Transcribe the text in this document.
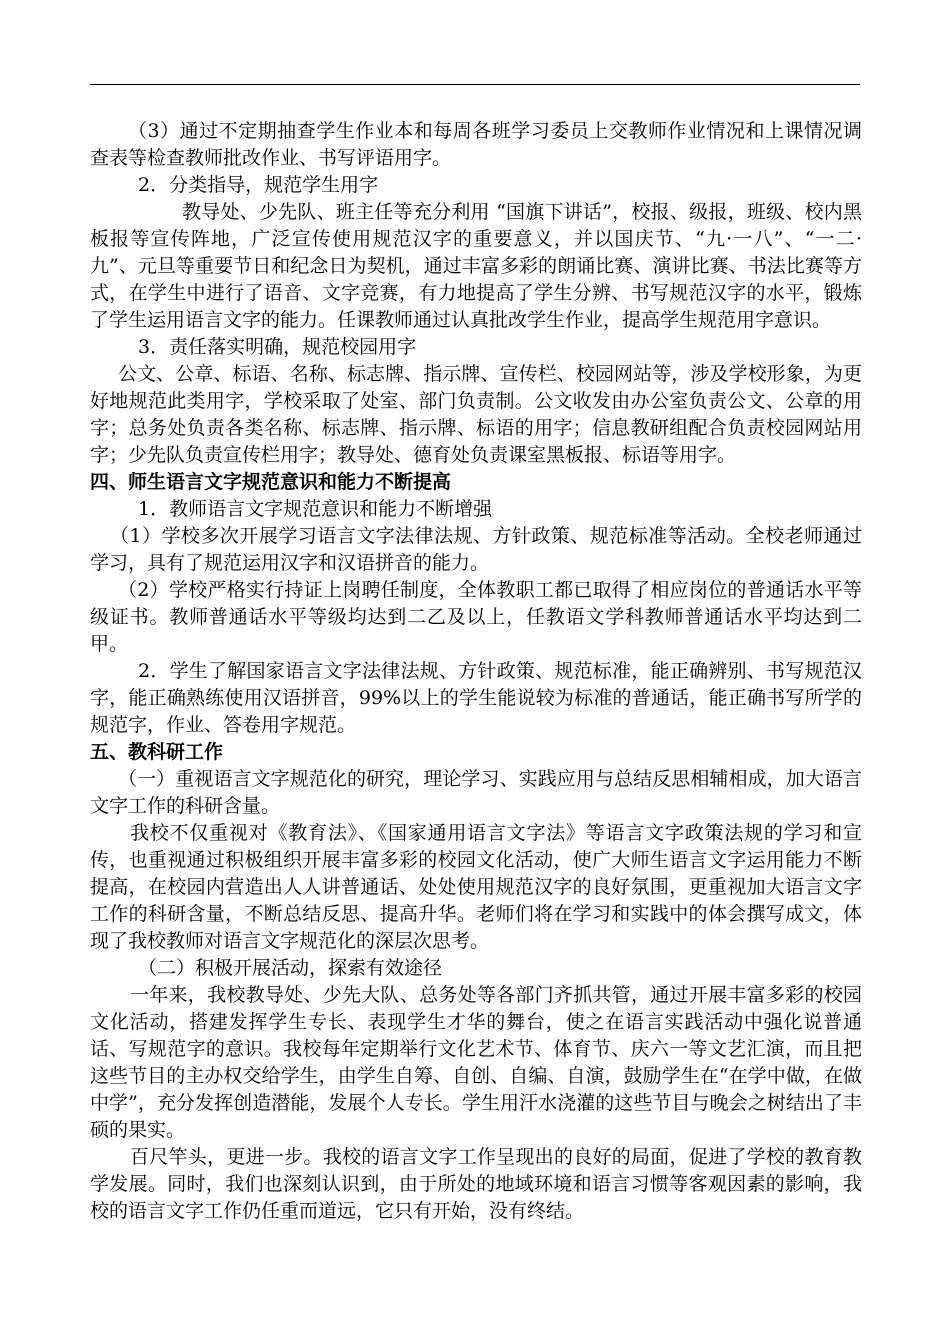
（3）通过不定期抽查学生作业本和每周各班学习委员上交教师作业情况和上课情况调查表等检查教师批改作业、书写评语用字。

2．分类指导，规范学生用字

教导处、少先队、班主任等充分利用 “国旗下讲话”，校报、级报，班级、校内黑板报等宣传阵地，广泛宣传使用规范汉字的重要意义，并以国庆节、“九·一八”、“一二·九”、元旦等重要节日和纪念日为契机，通过丰富多彩的朗诵比赛、演讲比赛、书法比赛等方式，在学生中进行了语音、文字竞赛，有力地提高了学生分辨、书写规范汉字的水平，锻炼了学生运用语言文字的能力。任课教师通过认真批改学生作业，提高学生规范用字意识。

3．责任落实明确，规范校园用字

公文、公章、标语、名称、标志牌、指示牌、宣传栏、校园网站等，涉及学校形象，为更好地规范此类用字，学校采取了处室、部门负责制。公文收发由办公室负责公文、公章的用字；总务处负责各类名称、标志牌、指示牌、标语的用字；信息教研组配合负责校园网站用字；少先队负责宣传栏用字；教导处、德育处负责课室黑板报、标语等用字。

四、师生语言文字规范意识和能力不断提高

1．教师语言文字规范意识和能力不断增强

（1）学校多次开展学习语言文字法律法规、方针政策、规范标准等活动。全校老师通过学习，具有了规范运用汉字和汉语拼音的能力。

（2）学校严格实行持证上岗聘任制度，全体教职工都已取得了相应岗位的普通话水平等级证书。教师普通话水平等级均达到二乙及以上，任教语文学科教师普通话水平均达到二甲。

2．学生了解国家语言文字法律法规、方针政策、规范标准，能正确辨别、书写规范汉字，能正确熟练使用汉语拼音，99%以上的学生能说较为标准的普通话，能正确书写所学的规范字，作业、答卷用字规范。

五、教科研工作

（一）重视语言文字规范化的研究，理论学习、实践应用与总结反思相辅相成，加大语言文字工作的科研含量。

我校不仅重视对《教育法》、《国家通用语言文字法》等语言文字政策法规的学习和宣传，也重视通过积极组织开展丰富多彩的校园文化活动，使广大师生语言文字运用能力不断提高，在校园内营造出人人讲普通话、处处使用规范汉字的良好氛围，更重视加大语言文字工作的科研含量，不断总结反思、提高升华。老师们将在学习和实践中的体会撰写成文，体现了我校教师对语言文字规范化的深层次思考。

（二）积极开展活动，探索有效途径

一年来，我校教导处、少先大队、总务处等各部门齐抓共管，通过开展丰富多彩的校园文化活动，搭建发挥学生专长、表现学生才华的舞台，使之在语言实践活动中强化说普通话、写规范字的意识。我校每年定期举行文化艺术节、体育节、庆六一等文艺汇演，而且把这些节目的主办权交给学生，由学生自筹、自创、自编、自演，鼓励学生在“在学中做，在做中学”，充分发挥创造潜能，发展个人专长。学生用汗水浇灌的这些节目与晚会之树结出了丰硕的果实。

百尺竿头，更进一步。我校的语言文字工作呈现出的良好的局面，促进了学校的教育教学发展。同时，我们也深刻认识到，由于所处的地域环境和语言习惯等客观因素的影响，我校的语言文字工作仍任重而道远，它只有开始，没有终结。
